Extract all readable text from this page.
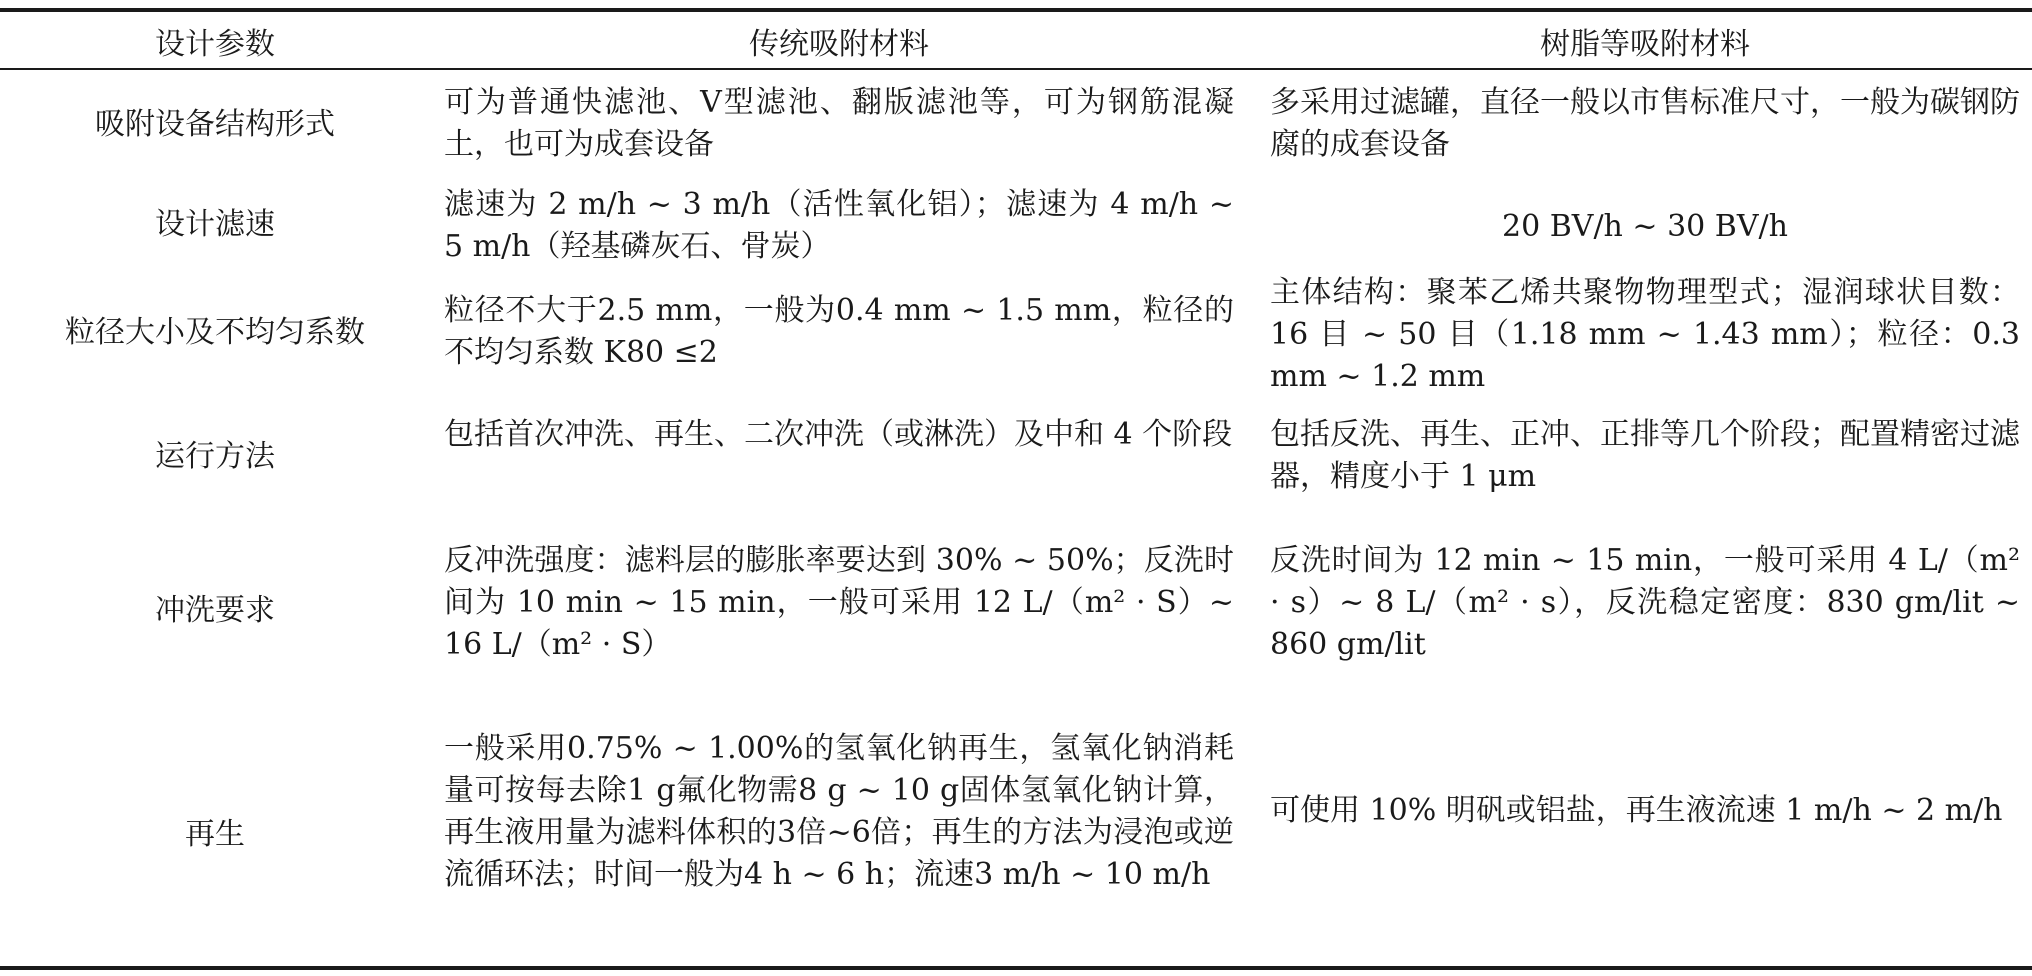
设计参数	传统吸附材料	树脂等吸附材料
吸附设备结构形式
可为普通快滤池、V型滤池、翻版滤池等，可为钢筋混凝土，也可为成套设备
多采用过滤罐，直径一般以市售标准尺寸，一般为碳钢防腐的成套设备
设计滤速
滤速为 2 m/h ~ 3 m/h（活性氧化铝）；滤速为 4 m/h ~ 5 m/h（羟基磷灰石、骨炭）
20 BV/h ~ 30 BV/h
粒径大小及不均匀系数
粒径不大于2.5 mm，一般为0.4 mm ~ 1.5 mm，粒径的不均匀系数 K80 ≤2
主体结构：聚苯乙烯共聚物物理型式；湿润球状目数：16 目 ~ 50 目（1.18 mm ~ 1.43 mm）；粒径：0.3 mm ~ 1.2 mm
运行方法
包括首次冲洗、再生、二次冲洗（或淋洗）及中和 4 个阶段 包括反洗、再生、正冲、正排等几个阶段；配置精密过滤器，精度小于 1 μm
冲洗要求
反冲洗强度：滤料层的膨胀率要达到 30% ~ 50%；反洗时间为 10 min ~ 15 min，一般可采用 12 L/（m² · S）~ 16 L/（m² · S）
反洗时间为 12 min ~ 15 min，一般可采用 4 L/（m² · s）~ 8 L/（m² · s），反洗稳定密度：830 gm/lit ~ 860 gm/lit
再生
一般采用0.75% ~ 1.00%的氢氧化钠再生，氢氧化钠消耗量可按每去除1 g氟化物需8 g ~ 10 g固体氢氧化钠计算，再生液用量为滤料体积的3倍~6倍；再生的方法为浸泡或逆流循环法；时间一般为4 h ~ 6 h；流速3 m/h ~ 10 m/h
可使用 10% 明矾或铝盐，再生液流速 1 m/h ~ 2 m/h
